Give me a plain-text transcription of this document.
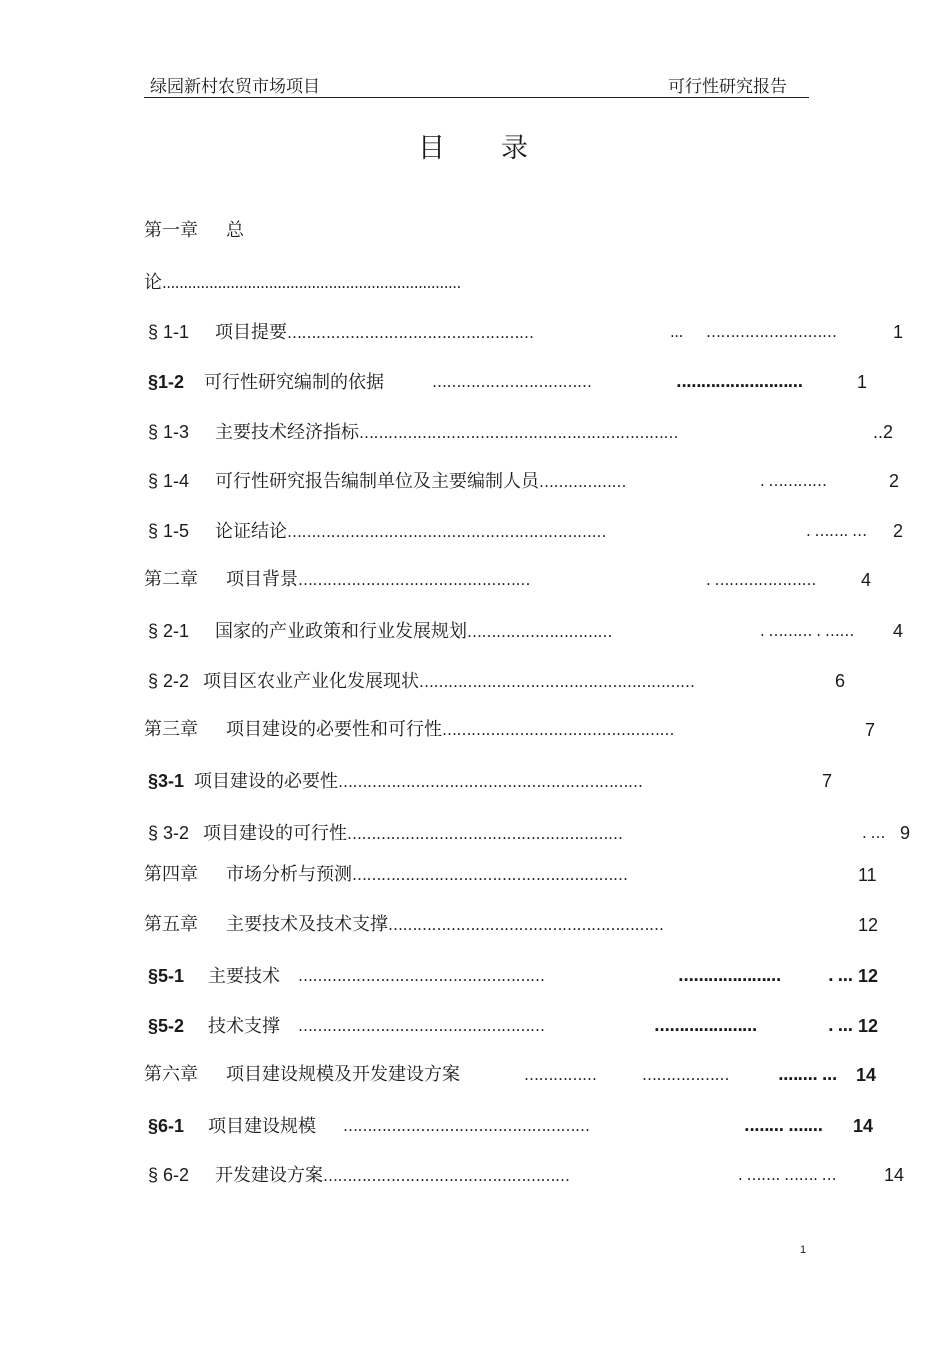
绿园新村农贸市场项目	可行性研究报告
目录
第一章 总
论......................................................................
§ 1-1 项目提要……………………………………………	... ………………………	1
§1-2 可行性研究编制的依据	……………………………	..……………………	1
§ 1-3 主要技术经济指标…………………………………………………………	..2
§ 1-4 可行性研究报告编制单位及主要编制人员………………	. …………	2
§ 1-5 论证结论…………………………………………………………	. ……. … 2
第二章 项目背景…………………………………………	. ………………… 4
§ 2-1 国家的产业政策和行业发展规划…………………………	. ……… . …… 4
§ 2-2 项目区农业产业化发展现状…………………………………………………	6
第三章 项目建设的必要性和可行性…………………………………………	7
§3-1 项目建设的必要性………………………………………………………	7
§ 3-2 项目建设的可行性…………………………………………………	. … 9
第四章 市场分析与预测…………………………………………………	11
第五章 主要技术及技术支撑…………………………………………………	12
§5-1 主要技术 ……………………………………………	...………………	. … 12
§5-2 技术支撑 ……………………………………………	...………………	. … 12
第六章 项目建设规模及开发建设方案	……………	………………	.……. … 14
§6-1 项目建设规模 ……………………………………………	..…… .…… 14
§ 6-2 开发建设方案……………………………………………	. ……. ……. …	14
1
